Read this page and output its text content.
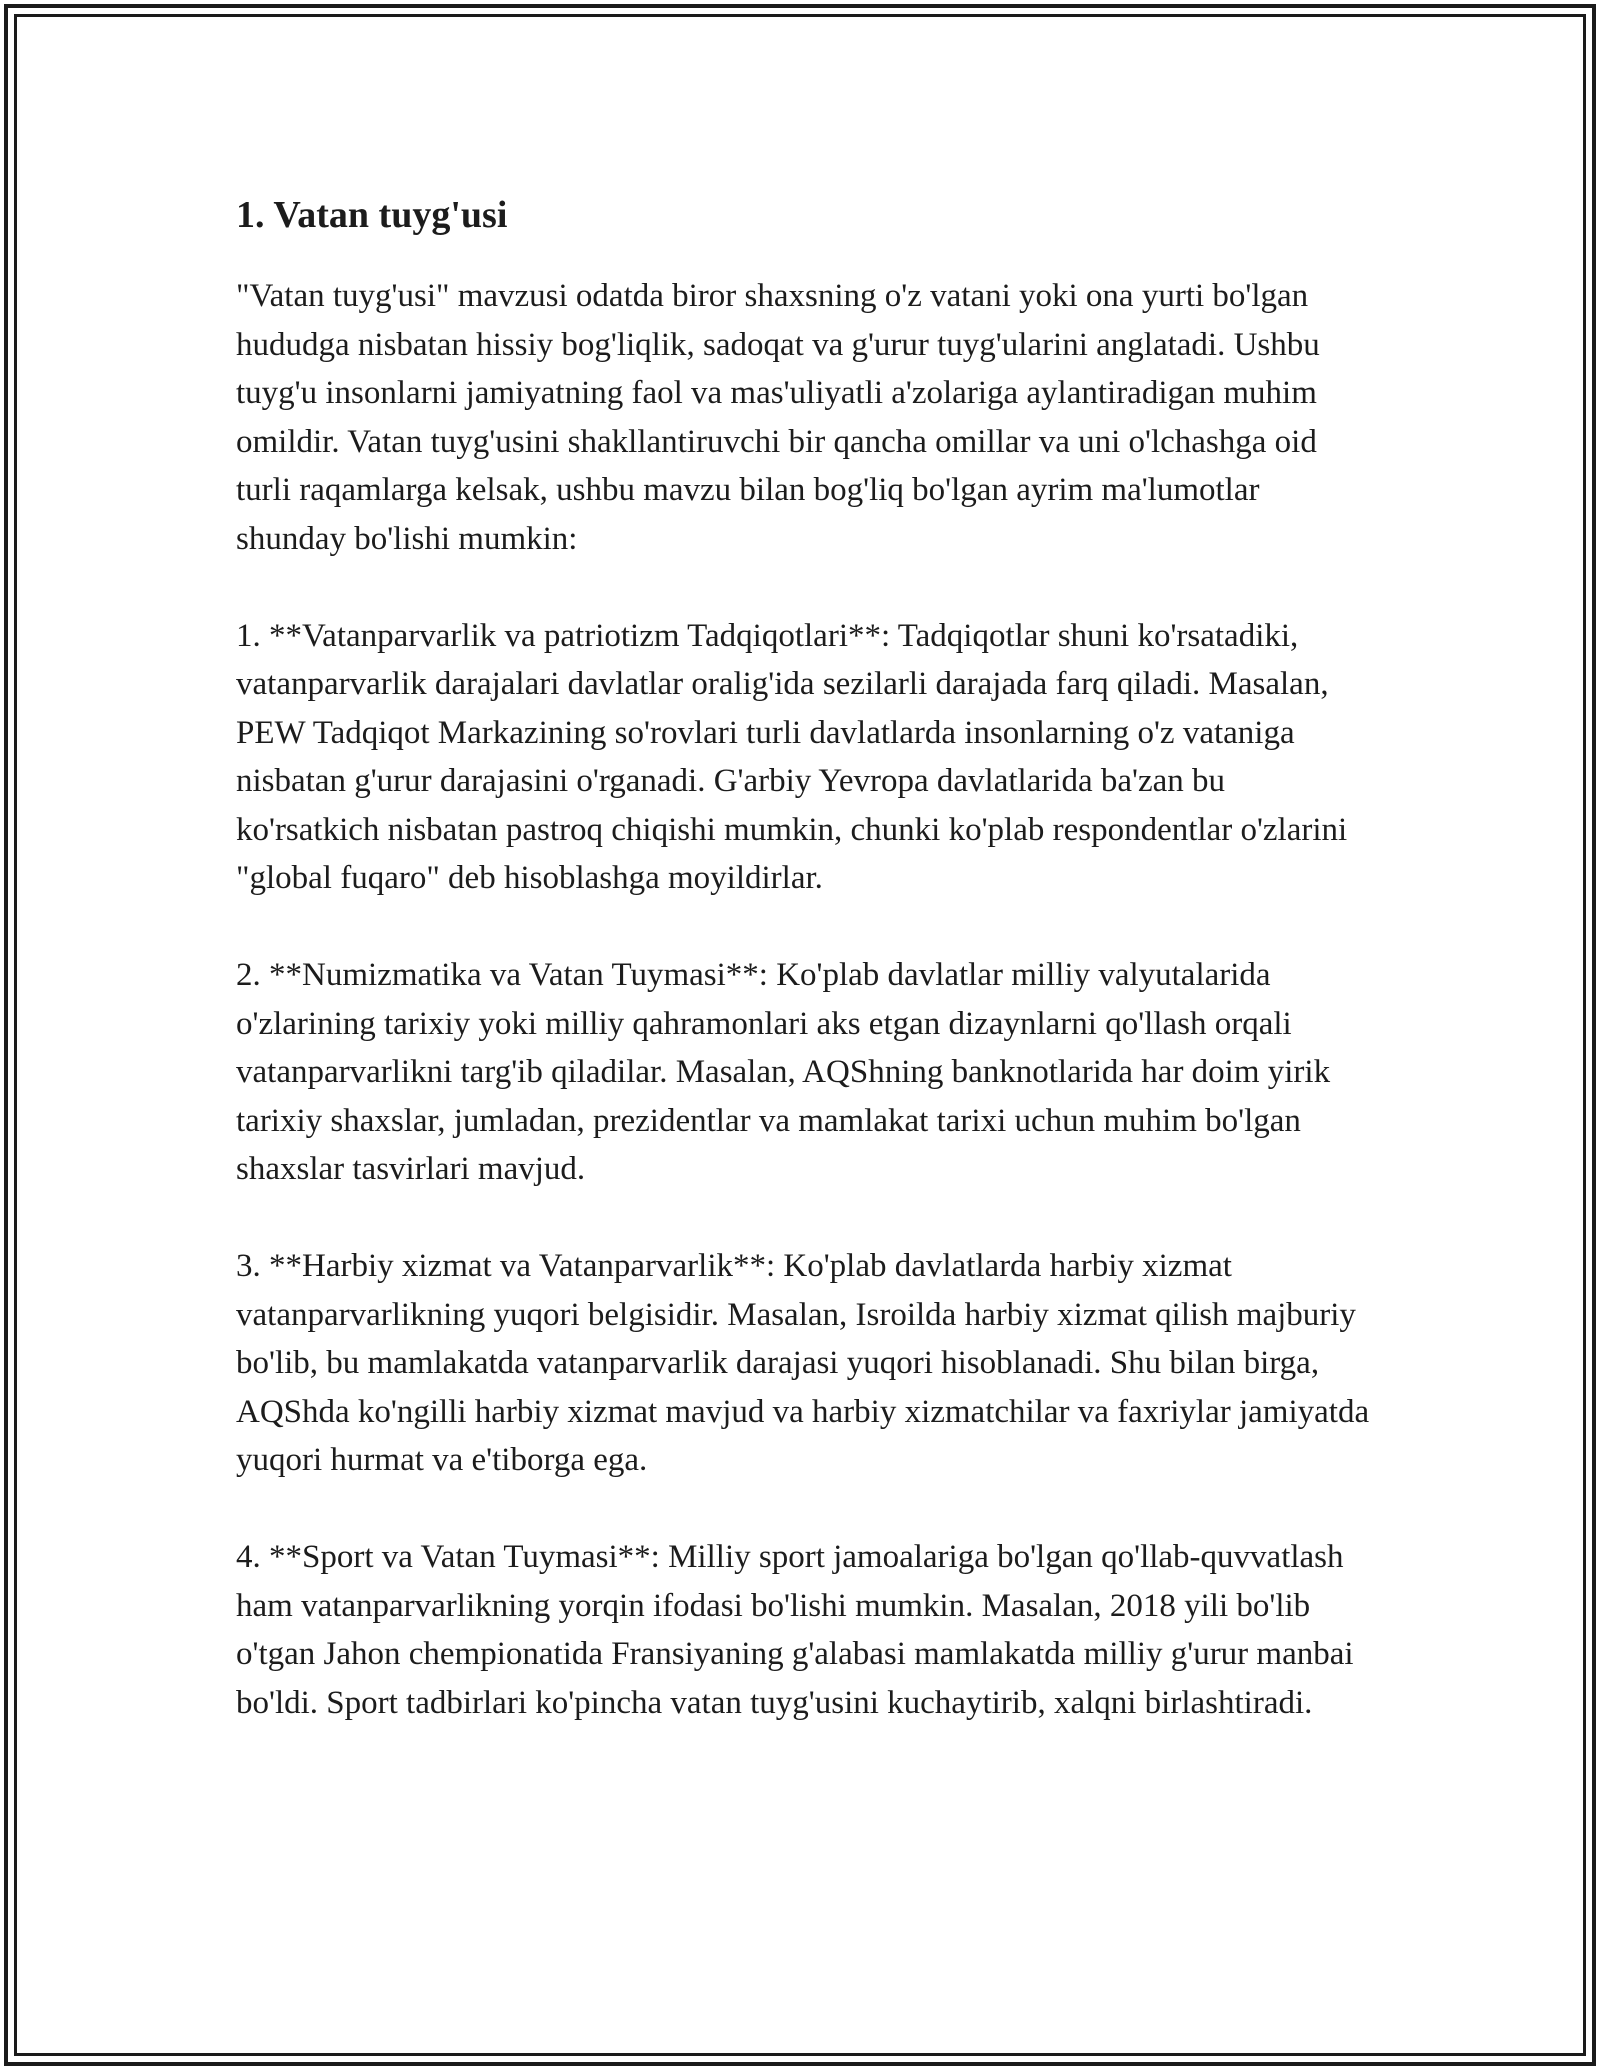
1. Vatan tuyg'usi

"Vatan tuyg'usi" mavzusi odatda biror shaxsning o'z vatani yoki ona yurti bo'lgan hududga nisbatan hissiy bog'liqlik, sadoqat va g'urur tuyg'ularini anglatadi. Ushbu tuyg'u insonlarni jamiyatning faol va mas'uliyatli a'zolariga aylantiradigan muhim omildir. Vatan tuyg'usini shakllantiruvchi bir qancha omillar va uni o'lchashga oid turli raqamlarga kelsak, ushbu mavzu bilan bog'liq bo'lgan ayrim ma'lumotlar shunday bo'lishi mumkin:

1. **Vatanparvarlik va patriotizm Tadqiqotlari**: Tadqiqotlar shuni ko'rsatadiki, vatanparvarlik darajalari davlatlar oralig'ida sezilarli darajada farq qiladi. Masalan, PEW Tadqiqot Markazining so'rovlari turli davlatlarda insonlarning o'z vataniga nisbatan g'urur darajasini o'rganadi. G'arbiy Yevropa davlatlarida ba'zan bu ko'rsatkich nisbatan pastroq chiqishi mumkin, chunki ko'plab respondentlar o'zlarini "global fuqaro" deb hisoblashga moyildirlar.

2. **Numizmatika va Vatan Tuymasi**: Ko'plab davlatlar milliy valyutalarida o'zlarining tarixiy yoki milliy qahramonlari aks etgan dizaynlarni qo'llash orqali vatanparvarlikni targ'ib qiladilar. Masalan, AQShning banknotlarida har doim yirik tarixiy shaxslar, jumladan, prezidentlar va mamlakat tarixi uchun muhim bo'lgan shaxslar tasvirlari mavjud.

3. **Harbiy xizmat va Vatanparvarlik**: Ko'plab davlatlarda harbiy xizmat vatanparvarlikning yuqori belgisidir. Masalan, Isroilda harbiy xizmat qilish majburiy bo'lib, bu mamlakatda vatanparvarlik darajasi yuqori hisoblanadi. Shu bilan birga, AQShda ko'ngilli harbiy xizmat mavjud va harbiy xizmatchilar va faxriylar jamiyatda yuqori hurmat va e'tiborga ega.

4. **Sport va Vatan Tuymasi**: Milliy sport jamoalariga bo'lgan qo'llab-quvvatlash ham vatanparvarlikning yorqin ifodasi bo'lishi mumkin. Masalan, 2018 yili bo'lib o'tgan Jahon chempionatida Fransiyaning g'alabasi mamlakatda milliy g'urur manbai bo'ldi. Sport tadbirlari ko'pincha vatan tuyg'usini kuchaytirib, xalqni birlashtiradi.
